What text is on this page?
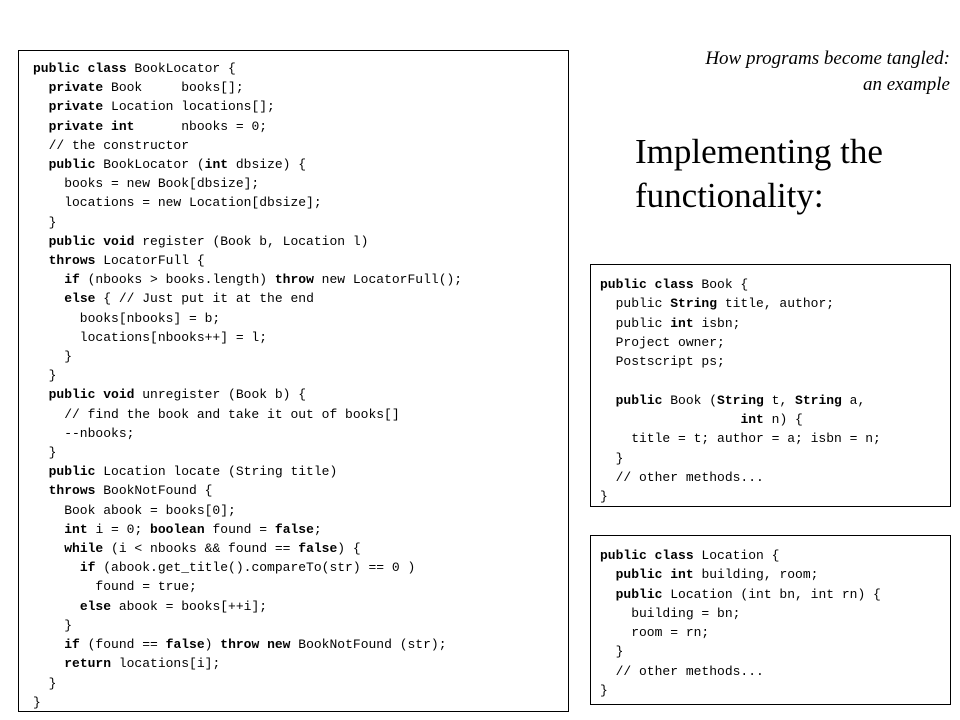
public class BookLocator {
private Book     books[];
private Location locations[];
private int      nbooks = 0;
// the constructor
public BookLocator (int dbsize) {
books = new Book[dbsize];
locations = new Location[dbsize];
}
public void register (Book b, Location l)
throws LocatorFull {
if (nbooks > books.length) throw new LocatorFull();
else { // Just put it at the end
books[nbooks] = b;
locations[nbooks++] = l;
}
}
public void unregister (Book b) {
// find the book and take it out of books[]
--nbooks;
}
public Location locate (String title)
throws BookNotFound {
Book abook = books[0];
int i = 0; boolean found = false;
while (i < nbooks && found == false) {
if (abook.get_title().compareTo(str) == 0 )
found = true;
else abook = books[++i];
}
if (found == false) throw new BookNotFound (str);
return locations[i];
}
}
How programs become tangled:
an example
Implementing the
functionality:
public class Book {
public String title, author;
public int isbn;
Project owner;
Postscript ps;

public Book (String t, String a,
int n) {
title = t; author = a; isbn = n;
}
// other methods...
}
public class Location {
public int building, room;
public Location (int bn, int rn) {
building = bn;
room = rn;
}
// other methods...
}
